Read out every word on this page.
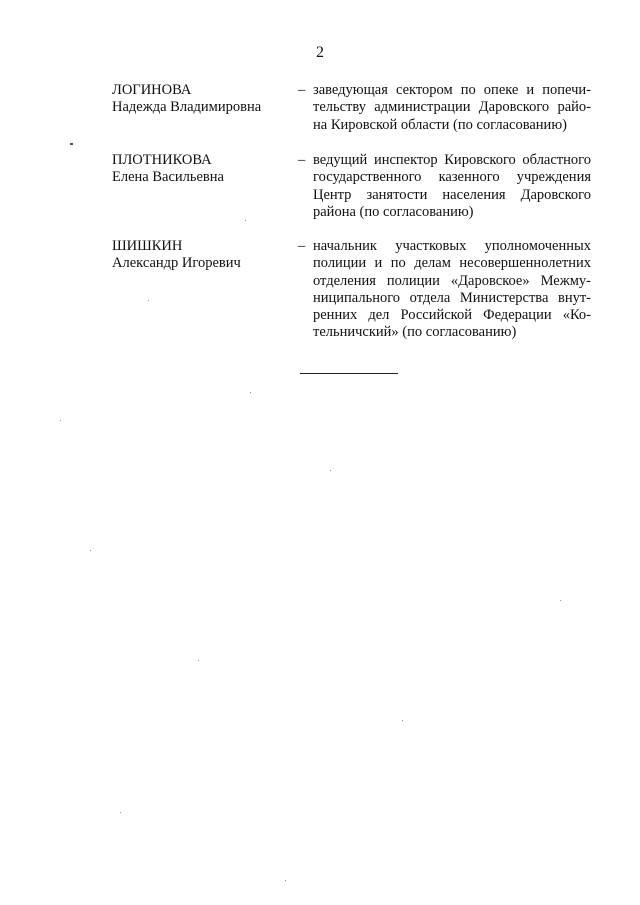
2
ЛОГИНОВА
Надежда Владимировна
– заведующая сектором по опеке и попечи-
тельству администрации Даровского райо-
на Кировской области (по согласованию)
ПЛОТНИКОВА
Елена Васильевна
– ведущий инспектор Кировского областного
государственного казенного учреждения
Центр занятости населения Даровского
района (по согласованию)
ШИШКИН
Александр Игоревич
– начальник участковых уполномоченных
полиции и по делам несовершеннолетних
отделения полиции «Даровское» Межму-
ниципального отдела Министерства внут-
ренних дел Российской Федерации «Ко-
тельничский» (по согласованию)
